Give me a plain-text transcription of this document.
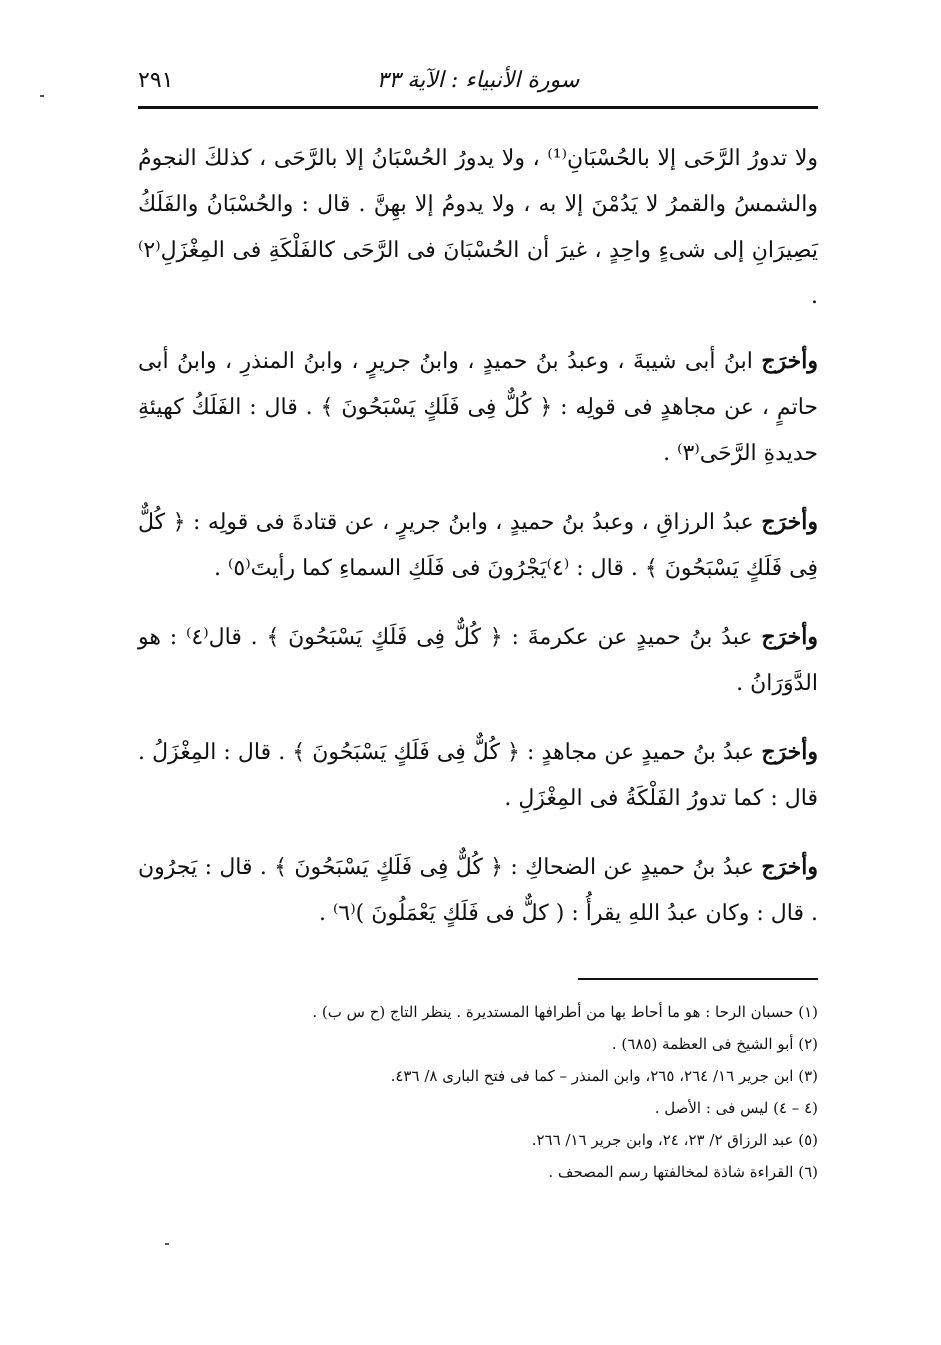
سورة الأنبياء : الآية ٣٣
٢٩١

ولا تدورُ الرَّحَى إلا بالحُسْبَانِ⁽¹⁾ ، ولا يدورُ الحُسْبَانُ إلا بالرَّحَى ، كذلكَ النجومُ والشمسُ والقمرُ لا يَدُمْنَ إلا به ، ولا يدومُ إلا بهِنَّ . قال : والحُسْبَانُ والفَلَكُ يَصِيرَانِ إلى شىءٍ واحِدٍ ، غيرَ أن الحُسْبَانَ فى الرَّحَى كالفَلْكَةِ فى المِغْزَلِ⁽٢⁾ .

وأخرَج ابنُ أبى شيبةَ ، وعبدُ بنُ حميدٍ ، وابنُ جريرٍ ، وابنُ المنذرِ ، وابنُ أبى حاتمٍ ، عن مجاهدٍ فى قولِه : ﴿ كُلٌّ فِى فَلَكٍ يَسْبَحُونَ ﴾ . قال : الفَلَكُ كهيئةِ حديدةِ الرَّحَى⁽٣⁾ .

وأخرَج عبدُ الرزاقِ ، وعبدُ بنُ حميدٍ ، وابنُ جريرٍ ، عن قتادةَ فى قولِه : ﴿ كُلٌّ فِى فَلَكٍ يَسْبَحُونَ ﴾ . قال : ⁽٤⁾يَجْرُونَ فى فَلَكِ السماءِ كما رأيتَ⁽٥⁾ .

وأخرَج عبدُ بنُ حميدٍ عن عكرمةَ : ﴿ كُلٌّ فِى فَلَكٍ يَسْبَحُونَ ﴾ . قال⁽٤⁾ : هو الدَّوَرَانُ .

وأخرَج عبدُ بنُ حميدٍ عن مجاهدٍ : ﴿ كُلٌّ فِى فَلَكٍ يَسْبَحُونَ ﴾ . قال : المِغْزَلُ . قال : كما تدورُ الفَلْكَةُ فى المِغْزَلِ .

وأخرَج عبدُ بنُ حميدٍ عن الضحاكِ : ﴿ كُلٌّ فِى فَلَكٍ يَسْبَحُونَ ﴾ . قال : يَجرُون . قال : وكان عبدُ اللهِ يقرأُ : ( كلٌّ فى فَلَكٍ يَعْمَلُونَ )⁽٦⁾ .

(١) حسبان الرحا : هو ما أحاط بها من أطرافها المستديرة . ينظر التاج (ح س ب) .

(٢) أبو الشيخ فى العظمة (٦٨٥) .

(٣) ابن جرير ١٦/ ٢٦٤، ٢٦٥، وابن المنذر – كما فى فتح البارى ٨/ ٤٣٦.

(٤ – ٤) ليس فى : الأصل .

(٥) عبد الرزاق ٢/ ٢٣، ٢٤، وابن جرير ١٦/ ٢٦٦.

(٦) القراءة شاذة لمخالفتها رسم المصحف .
